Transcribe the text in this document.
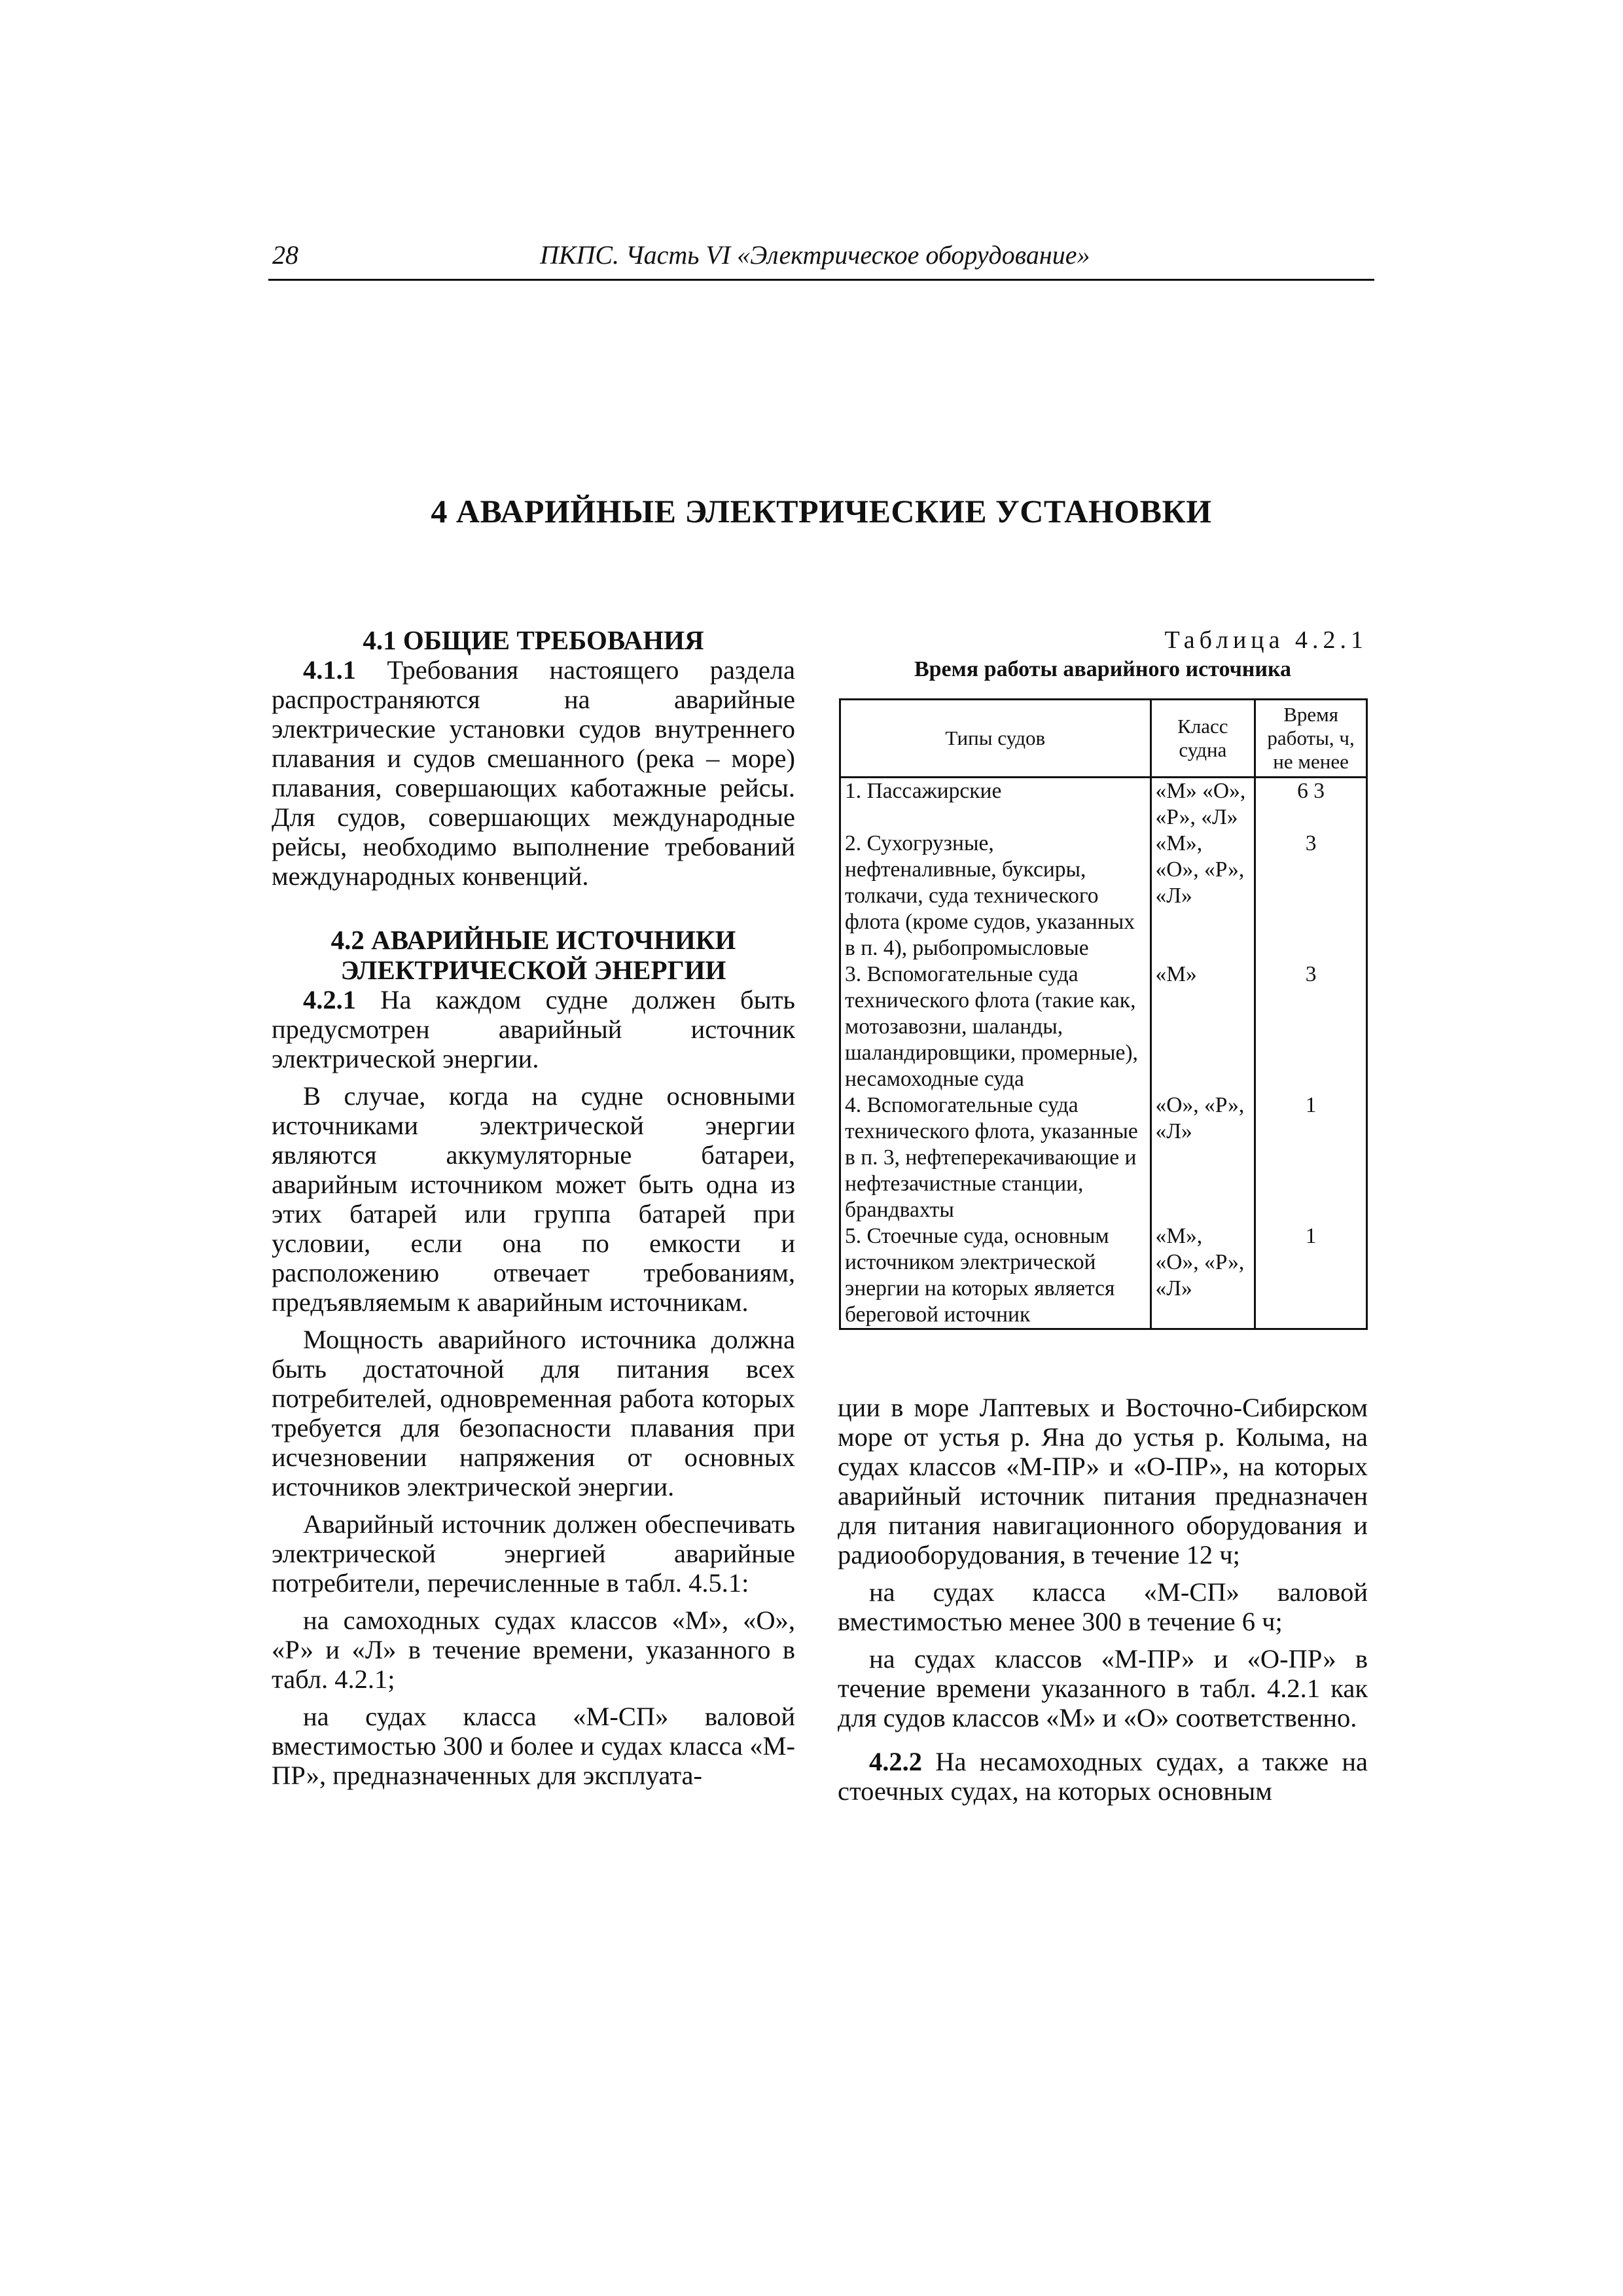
28	ПКПС. Часть VI «Электрическое оборудование»
4 АВАРИЙНЫЕ ЭЛЕКТРИЧЕСКИЕ УСТАНОВКИ
4.1 ОБЩИЕ ТРЕБОВАНИЯ

4.1.1 Требования настоящего раздела распространяются на аварийные электрические установки судов внутреннего плавания и судов смешанного (река – море) плавания, совершающих каботажные рейсы. Для судов, совершающих международные рейсы, необходимо выполнение требований международных конвенций.

4.2 АВАРИЙНЫЕ ИСТОЧНИКИ
ЭЛЕКТРИЧЕСКОЙ ЭНЕРГИИ

4.2.1 На каждом судне должен быть предусмотрен аварийный источник электрической энергии.

В случае, когда на судне основными источниками электрической энергии являются аккумуляторные батареи, аварийным источником может быть одна из этих батарей или группа батарей при условии, если она по емкости и расположению отвечает требованиям, предъявляемым к аварийным источникам.

Мощность аварийного источника должна быть достаточной для питания всех потребителей, одновременная работа которых требуется для безопасности плавания при исчезновении напряжения от основных источников электрической энергии.

Аварийный источник должен обеспечивать электрической энергией аварийные потребители, перечисленные в табл. 4.5.1:

на самоходных судах классов «М», «О», «Р» и «Л» в течение времени, указанного в табл. 4.2.1;

на судах класса «М-СП» валовой вместимостью 300 и более и судах класса «М-ПР», предназначенных для эксплуата-

Таблица 4.2.1
Время работы аварийного источника
Типы судов	Класс судна	Время работы, ч, не менее
1. Пассажирские	«М» «О», «Р», «Л»	6 3
2. Сухогрузные, нефтеналивные, буксиры, толкачи, суда технического флота (кроме судов, указанных в п. 4), рыбопромысловые	«М», «О», «Р», «Л»	3
3. Вспомогательные суда технического флота (такие как, мотозавозни, шаланды, шаландировщики, промерные), несамоходные суда	«М»	3
4. Вспомогательные суда технического флота, указанные в п. 3, нефтеперекачивающие и нефтезачистные станции, брандвахты	«О», «Р», «Л»	1
5. Стоечные суда, основным источником электрической энергии на которых является береговой источник	«М», «О», «Р», «Л»	1

ции в море Лаптевых и Восточно-Сибирском море от устья р. Яна до устья р. Колыма, на судах классов «М-ПР» и «О-ПР», на которых аварийный источник питания предназначен для питания навигационного оборудования и радиооборудования, в течение 12 ч;

на судах класса «М-СП» валовой вместимостью менее 300 в течение 6 ч;

на судах классов «М-ПР» и «О-ПР» в течение времени указанного в табл. 4.2.1 как для судов классов «М» и «О» соответственно.

4.2.2 На несамоходных судах, а также на стоечных судах, на которых основным
